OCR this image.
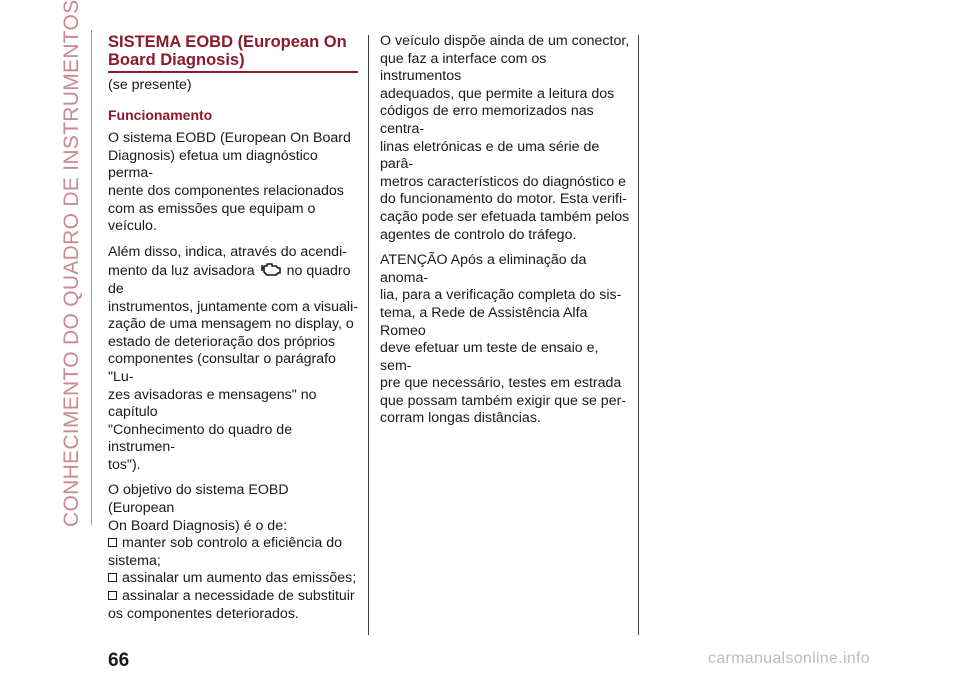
CONHECIMENTO DO QUADRO DE INSTRUMENTOS SISTEMA EOBD (European On
Board Diagnosis)
(se presente)
Funcionamento

O sistema EOBD (European On Board
Diagnosis) efetua um diagnóstico perma-
nente dos componentes relacionados
com as emissões que equipam o veículo.

Além disso, indica, através do acendi-
mento da luz avisadora no quadro de
instrumentos, juntamente com a visuali-
zação de uma mensagem no display, o
estado de deterioração dos próprios
componentes (consultar o parágrafo "Lu-
zes avisadoras e mensagens" no capítulo
"Conhecimento do quadro de instrumen-
tos").

O objetivo do sistema EOBD (European
On Board Diagnosis) é o de:

manter sob controlo a eficiência do
sistema;
assinalar um aumento das emissões;
assinalar a necessidade de substituir
os componentes deteriorados.

O veículo dispõe ainda de um conector,
que faz a interface com os instrumentos
adequados, que permite a leitura dos
códigos de erro memorizados nas centra-
linas eletrónicas e de uma série de parâ-
metros característicos do diagnóstico e
do funcionamento do motor. Esta verifi-
cação pode ser efetuada também pelos
agentes de controlo do tráfego.

ATENÇÃO Após a eliminação da anoma-
lia, para a verificação completa do sis-
tema, a Rede de Assistência Alfa Romeo
deve efetuar um teste de ensaio e, sem-
pre que necessário, testes em estrada
que possam também exigir que se per-
corram longas distâncias.

66	carmanualsonline.info
